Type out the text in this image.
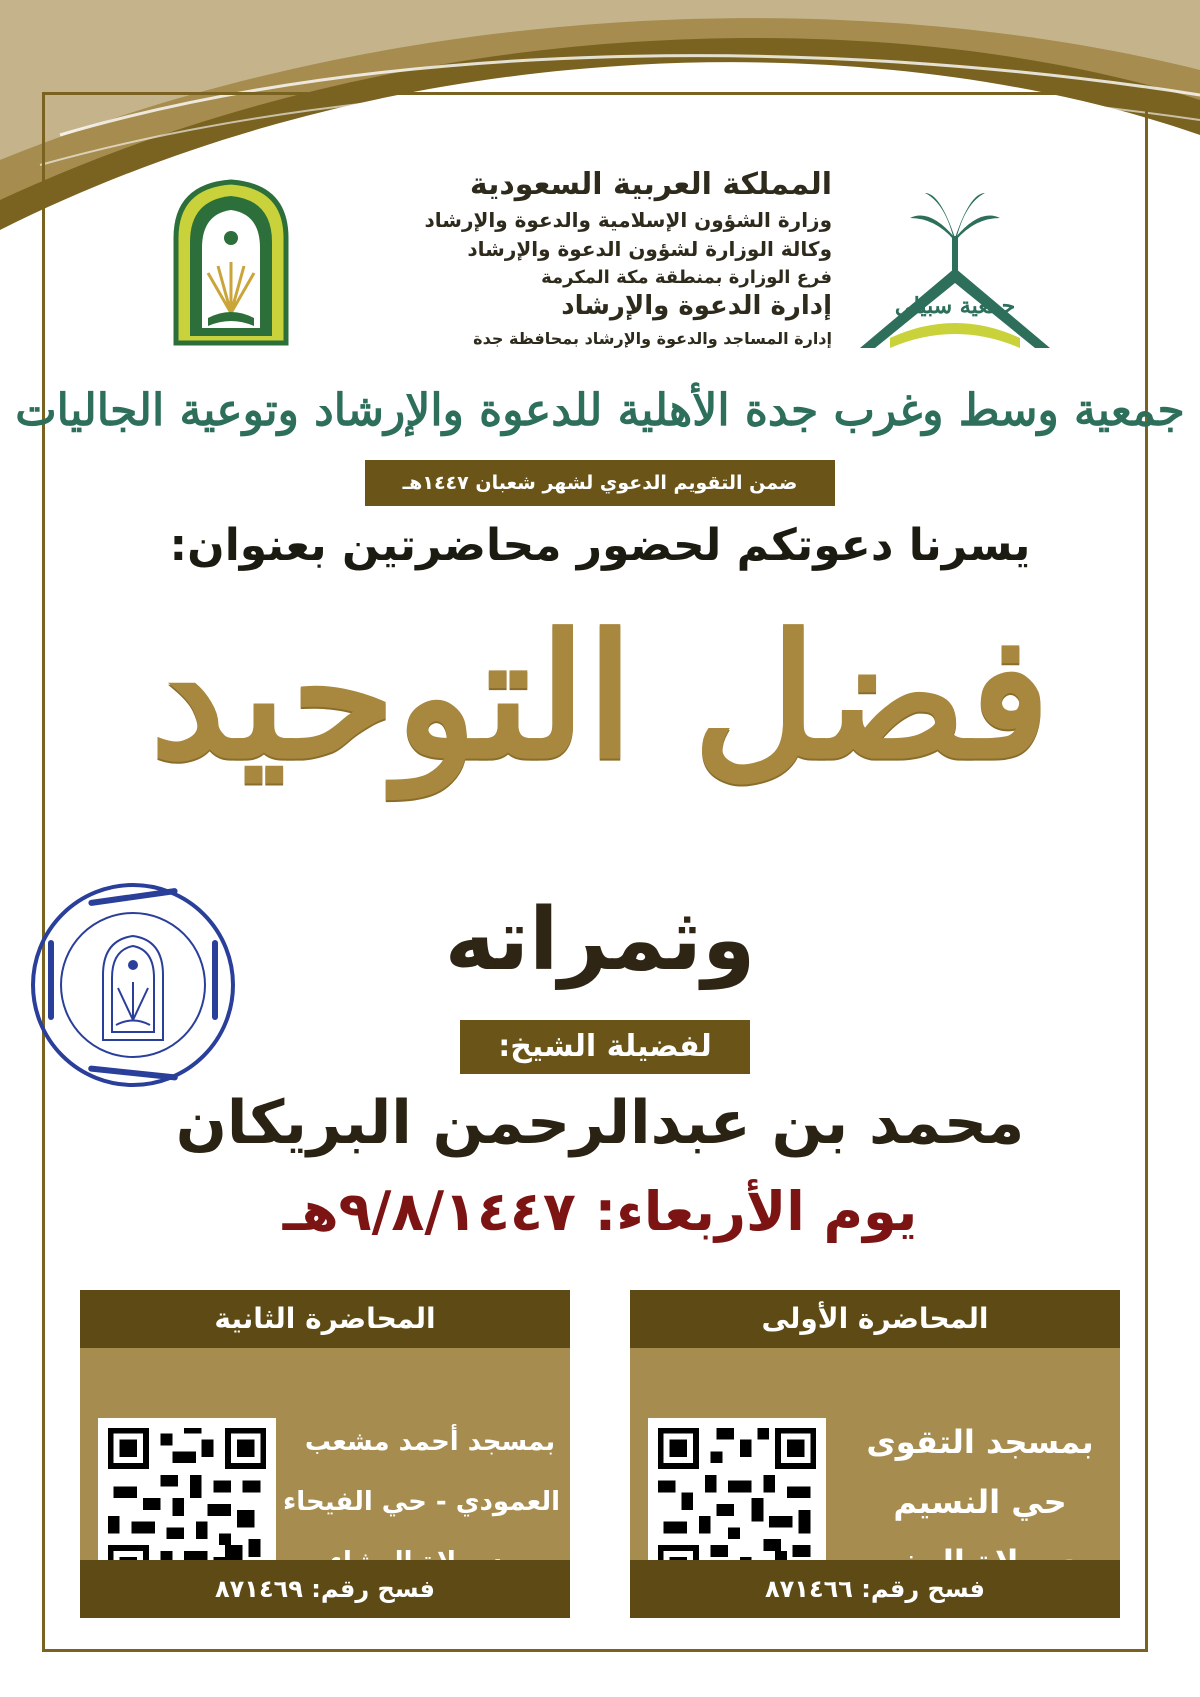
جمعية سبيلي

المملكة العربية السعودية

وزارة الشؤون الإسلامية والدعوة والإرشاد

وكالة الوزارة لشؤون الدعوة والإرشاد

فرع الوزارة بمنطقة مكة المكرمة

إدارة الدعوة والإرشاد

إدارة المساجد والدعوة والإرشاد بمحافظة جدة

جمعية وسط وغرب جدة الأهلية للدعوة والإرشاد وتوعية الجاليات
ضمن التقويم الدعوي لشهر شعبان ١٤٤٧هـ
يسرنا دعوتكم لحضور محاضرتين بعنوان:
فضل التوحيد
وثمراته
لفضيلة الشيخ:
محمد بن عبدالرحمن البريكان
يوم الأربعاء: ٩/٨/١٤٤٧هـ
المحاضرة الثانية

بمسجد أحمد مشعب

العمودي - حي الفيحاء

فسح رقم: ٨٧١٤٦٩
المحاضرة الأولى

بمسجد التقوى

حي النسيم

فسح رقم: ٨٧١٤٦٦
